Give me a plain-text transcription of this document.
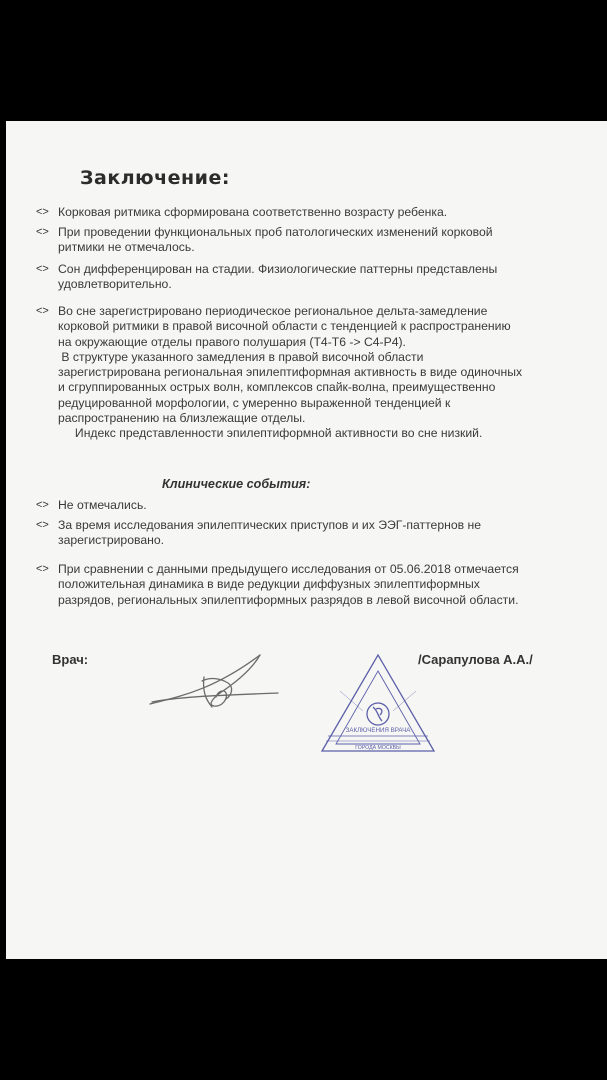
Заключение:
<> Корковая ритмика сформирована соответственно возрасту ребенка.
<> При проведении функциональных проб патологических изменений корковой
ритмики не отмечалось.
<> Сон дифференцирован на стадии. Физиологические паттерны представлены
удовлетворительно.
<> Во сне зарегистрировано периодическое региональное дельта-замедление
корковой ритмики в правой височной области с тенденцией к распространению
на окружающие отделы правого полушария (Т4-Т6 -> С4-Р4).
В структуре указанного замедления в правой височной области
зарегистрирована региональная эпилептиформная активность в виде одиночных
и сгруппированных острых волн, комплексов спайк-волна, преимущественно
редуцированной морфологии, с умеренно выраженной тенденцией к
распространению на близлежащие отделы.
Индекс представленности эпилептиформной активности во сне низкий.
Клинические события:
<> Не отмечались.
<> За время исследования эпилептических приступов и их ЭЭГ-паттернов не
зарегистрировано.
<> При сравнении с данными предыдущего исследования от 05.06.2018 отмечается
положительная динамика в виде редукции диффузных эпилептиформных
разрядов, региональных эпилептиформных разрядов в левой височной области.
Врач:	/Сарапулова А.А./
ЗАКЛЮЧЕНИЯ ВРАЧА
ГОРОДА МОСКВЫ
